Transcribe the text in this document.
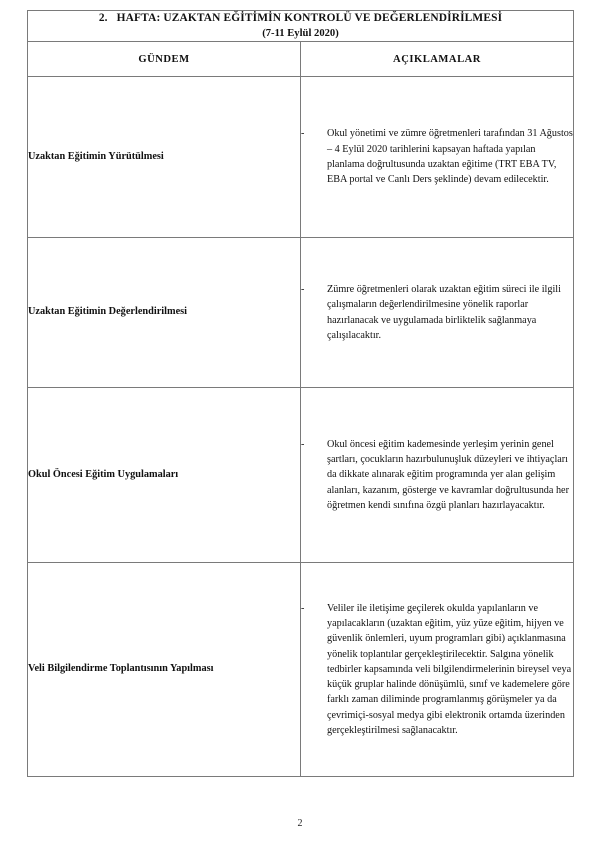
2. HAFTA: UZAKTAN EĞİTİMİN KONTROLÜ VE DEĞERLENDİRİLMESİ
(7-11 Eylül 2020)	

GÜNDEM	AÇIKLAMALAR
Uzaktan Eğitimin Yürütülmesi	- Okul yönetimi ve zümre öğretmenleri tarafından 31 Ağustos – 4 Eylül 2020 tarihlerini kapsayan haftada yapılan planlama doğrultusunda uzaktan eğitime (TRT EBA TV, EBA portal ve Canlı Ders şeklinde) devam edilecektir.

Uzaktan Eğitimin Değerlendirilmesi	- Zümre öğretmenleri olarak uzaktan eğitim süreci ile ilgili çalışmaların değerlendirilmesine yönelik raporlar hazırlanacak ve uygulamada birliktelik sağlanmaya çalışılacaktır.

Okul Öncesi Eğitim Uygulamaları	- Okul öncesi eğitim kademesinde yerleşim yerinin genel şartları, çocukların hazırbulunuşluk düzeyleri ve ihtiyaçları da dikkate alınarak eğitim programında yer alan gelişim alanları, kazanım, gösterge ve kavramlar doğrultusunda her öğretmen kendi sınıfına özgü planları hazırlayacaktır.

Veli Bilgilendirme Toplantısının Yapılması	- Veliler ile iletişime geçilerek okulda yapılanların ve yapılacakların (uzaktan eğitim, yüz yüze eğitim, hijyen ve güvenlik önlemleri, uyum programları gibi) açıklanmasına yönelik toplantılar gerçekleştirilecektir. Salgına yönelik tedbirler kapsamında veli bilgilendirmelerinin bireysel veya küçük gruplar halinde dönüşümlü, sınıf ve kademelere göre farklı zaman diliminde programlanmış görüşmeler ya da çevrimiçi-sosyal medya gibi elektronik ortamda üzerinden gerçekleştirilmesi sağlanacaktır.
2
